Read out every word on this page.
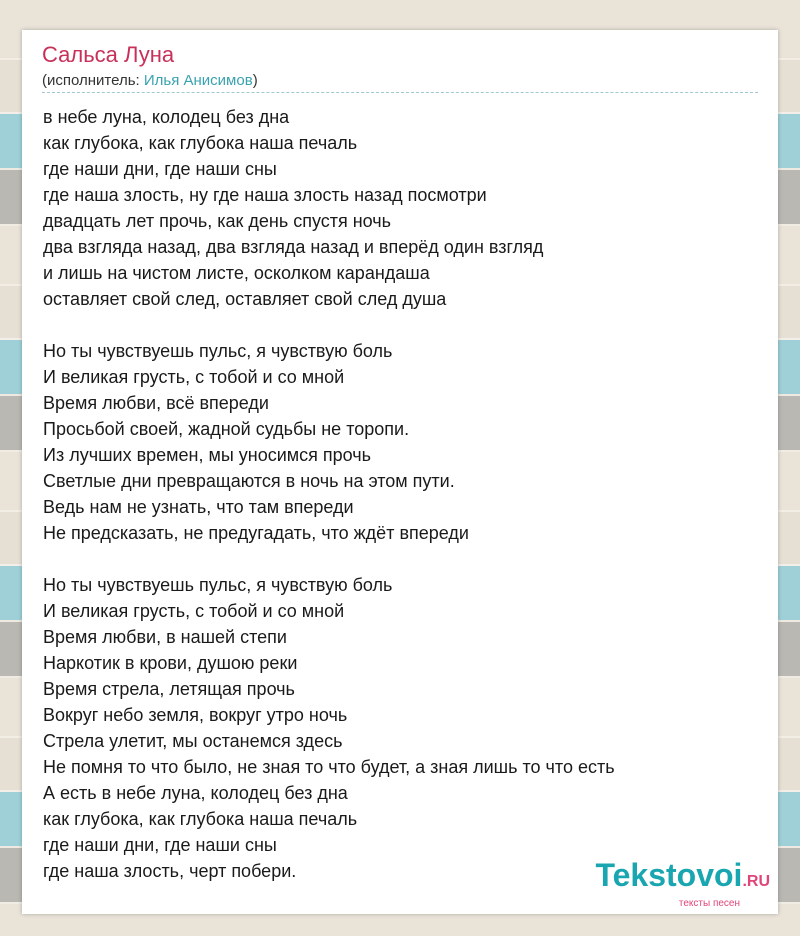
Сальса Луна
(исполнитель: Илья Анисимов)
в небе луна, колодец без дна
как глубока, как глубока наша печаль
где наши дни, где наши сны
где наша злость, ну где наша злость назад посмотри
двадцать лет прочь, как день спустя ночь
два взгляда назад, два взгляда назад и вперёд один взгляд
и лишь на чистом листе, осколком карандаша
оставляет свой след, оставляет свой след душа
Но ты чувствуешь пульс, я чувствую боль
И великая грусть, с тобой и со мной
Время любви, всё впереди
Просьбой своей, жадной судьбы не торопи.
Из лучших времен, мы уносимся прочь
Светлые дни превращаются в ночь на этом пути.
Ведь нам не узнать, что там впереди
Не предсказать, не предугадать, что ждёт впереди
Но ты чувствуешь пульс, я чувствую боль
И великая грусть, с тобой и со мной
Время любви, в нашей степи
Наркотик в крови, душою реки
Время стрела, летящая прочь
Вокруг небо земля, вокруг утро ночь
Стрела улетит, мы останемся здесь
Не помня то что было, не зная то что будет, а зная лишь то что есть
А есть в небе луна, колодец без дна
как глубока, как глубока наша печаль
где наши дни, где наши сны
где наша злость, черт побери.	Tekstovoi.RU
тексты песен
